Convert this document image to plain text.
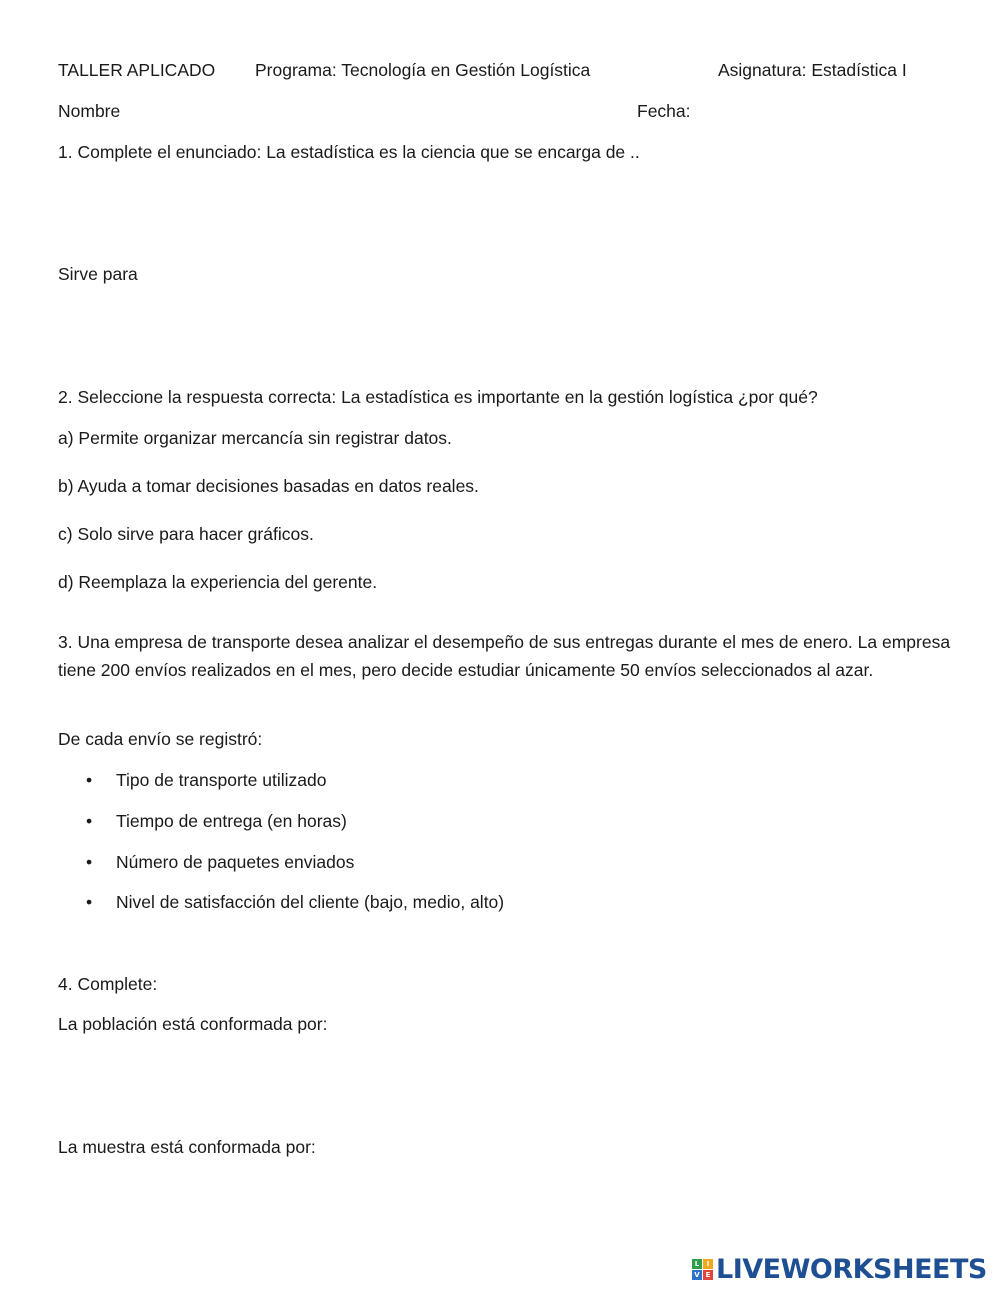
TALLER APLICADO Programa: Tecnología en Gestión Logística	Asignatura: Estadística I
Nombre	Fecha:
1. Complete el enunciado: La estadística es la ciencia que se encarga de ..
Sirve para
2. Seleccione la respuesta correcta: La estadística es importante en la gestión logística ¿por qué?
a) Permite organizar mercancía sin registrar datos.
b) Ayuda a tomar decisiones basadas en datos reales.
c) Solo sirve para hacer gráficos.
d) Reemplaza la experiencia del gerente.
3. Una empresa de transporte desea analizar el desempeño de sus entregas durante el mes de enero. La empresa tiene 200 envíos realizados en el mes, pero decide estudiar únicamente 50 envíos seleccionados al azar.
De cada envío se registró:
• Tipo de transporte utilizado
• Tiempo de entrega (en horas)
• Número de paquetes enviados
• Nivel de satisfacción del cliente (bajo, medio, alto)
4. Complete:
La población está conformada por:
La muestra está conformada por:
L	I
V E LIVEWORKSHEETS
